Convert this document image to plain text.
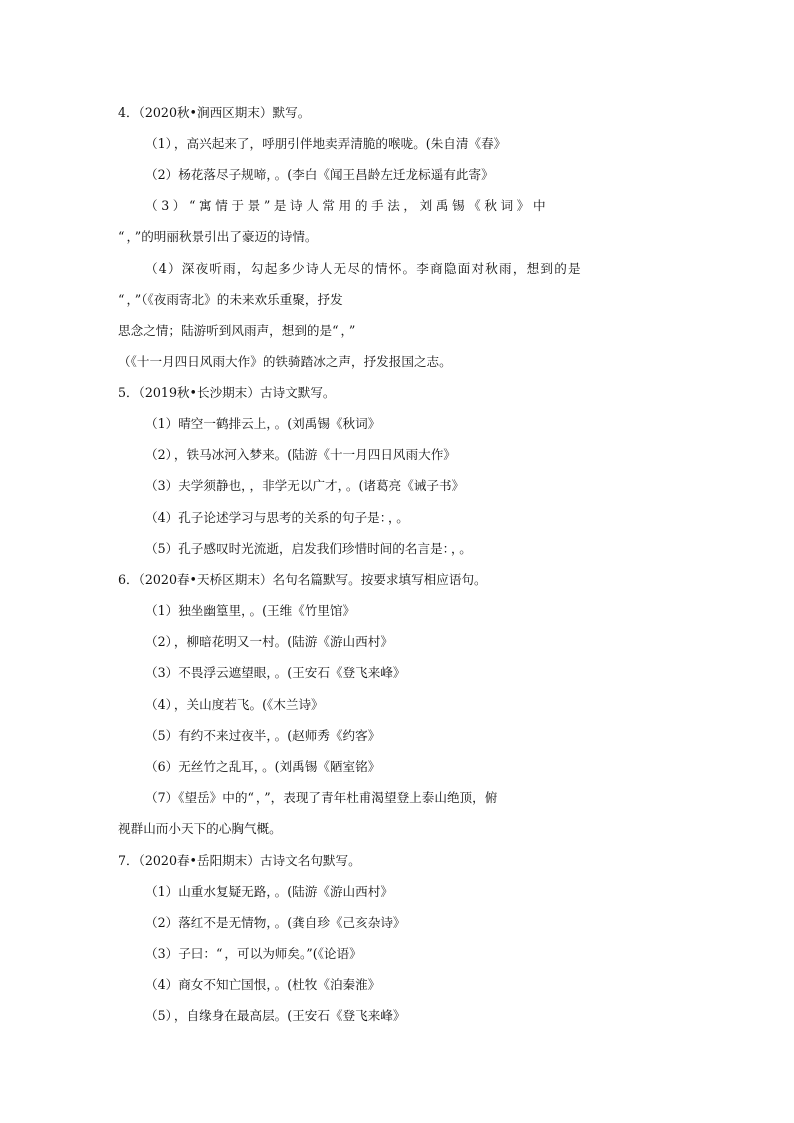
4．（2020秋•涧西区期末）默写。
（1） ，高兴起来了，呼朋引伴地卖弄清脆的喉咙。(朱自清《春》
（2）杨花落尽子规啼， 。(李白《闻王昌龄左迁龙标遥有此寄》
（3）“寓情于景”是诗人常用的手法，刘禹锡《秋词》中
“ ， ”的明丽秋景引出了豪迈的诗情。
（4）深夜听雨，勾起多少诗人无尽的情怀。李商隐面对秋雨，想到的是
“ ， ”（《夜雨寄北》的未来欢乐重聚，抒发
思念之情；陆游听到风雨声，想到的是“ ， ”
（《十一月四日风雨大作》的铁骑踏冰之声，抒发报国之志。
5．（2019秋•长沙期末）古诗文默写。
（1）晴空一鹤排云上， 。(刘禹锡《秋词》
（2） ，铁马冰河入梦来。(陆游《十一月四日风雨大作》
（3）夫学须静也， ，非学无以广才， 。(诸葛亮《诫子书》
（4）孔子论述学习与思考的关系的句子是： ， 。
（5）孔子感叹时光流逝，启发我们珍惜时间的名言是： ， 。
6．（2020春•天桥区期末）名句名篇默写。按要求填写相应语句。
（1）独坐幽篁里， 。(王维《竹里馆》
（2） ，柳暗花明又一村。(陆游《游山西村》
（3）不畏浮云遮望眼， 。(王安石《登飞来峰》
（4） ，关山度若飞。(《木兰诗》
（5）有约不来过夜半， 。(赵师秀《约客》
（6）无丝竹之乱耳， 。(刘禹锡《陋室铭》
（7）《望岳》中的“ ， ”，表现了青年杜甫渴望登上泰山绝顶，俯
视群山而小天下的心胸气概。
7．（2020春•岳阳期末）古诗文名句默写。
（1）山重水复疑无路， 。(陆游《游山西村》
（2）落红不是无情物， 。(龚自珍《己亥杂诗》
（3）子曰：“ ，可以为师矣。”(《论语》
（4）商女不知亡国恨， 。(杜牧《泊秦淮》
（5） ，自缘身在最高层。(王安石《登飞来峰》
